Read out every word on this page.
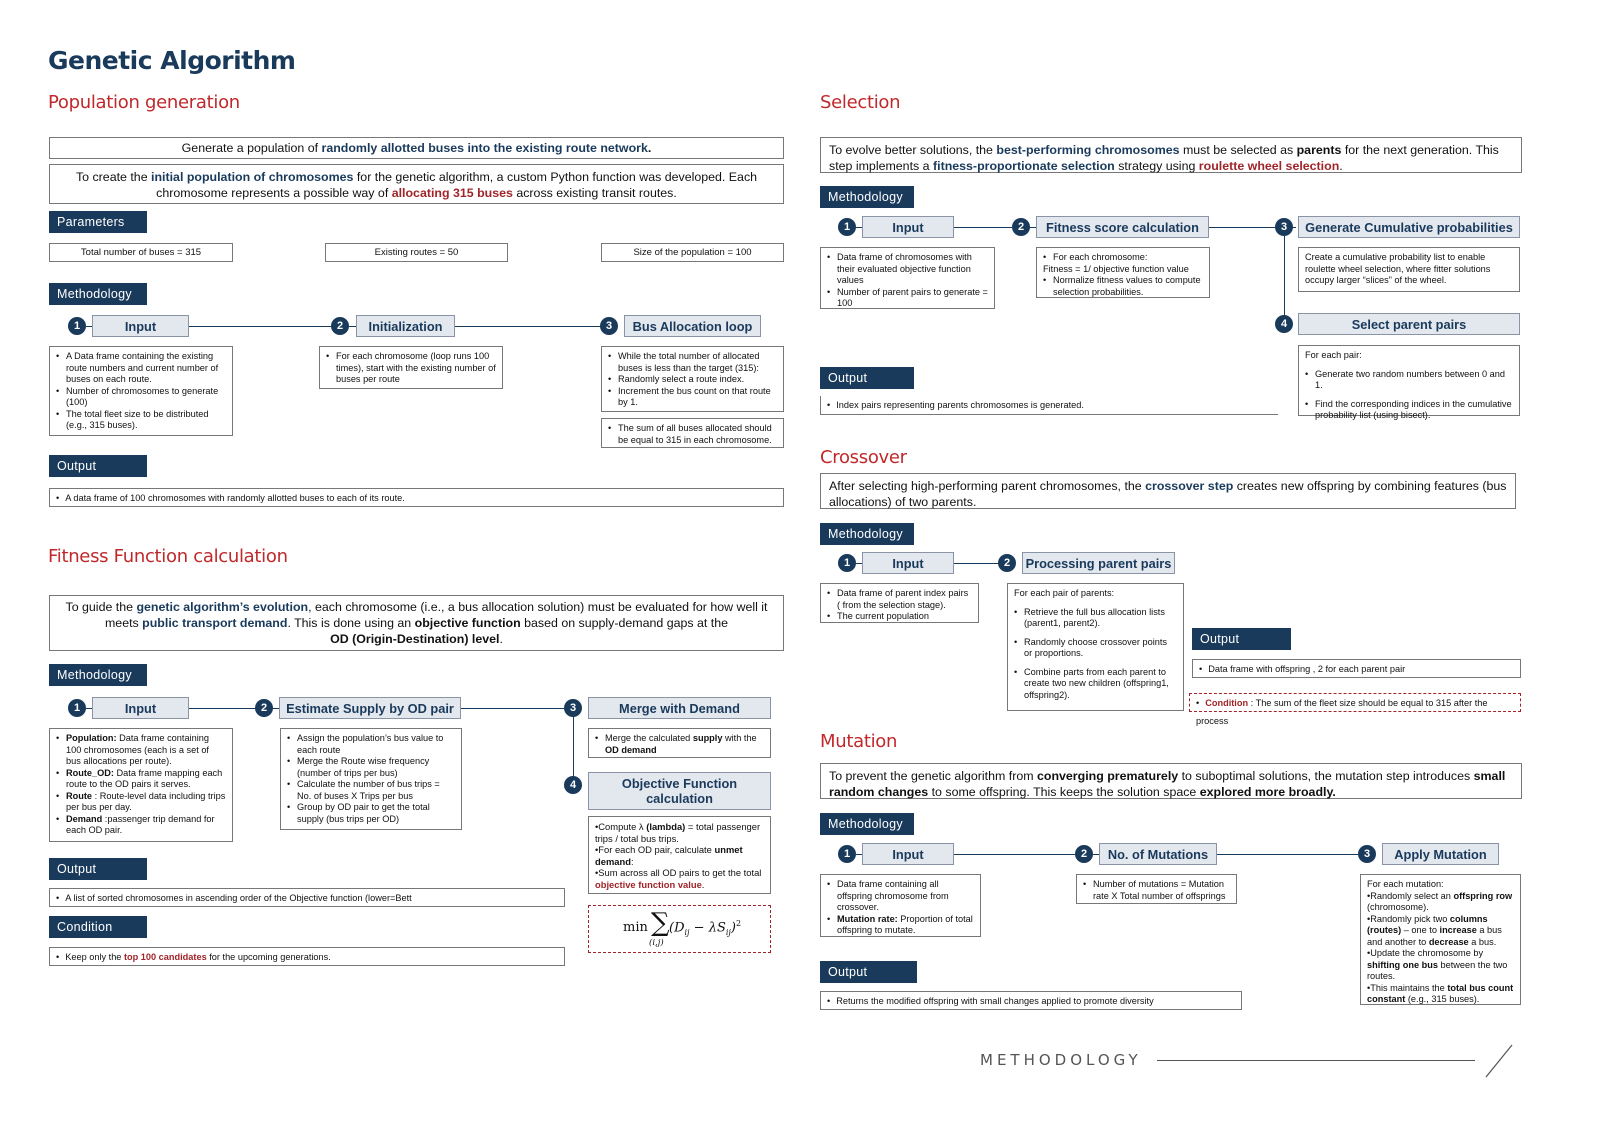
Genetic Algorithm
Population generation
Generate a population of randomly allotted buses into the existing route network.
To create the initial population of chromosomes for the genetic algorithm, a custom Python function was developed. Each chromosome represents a possible way of allocating 315 buses across existing transit routes.
Parameters
Total number of buses = 315	Existing routes = 50	Size of the population = 100
Methodology
1	Input	2	Initialization	3	Bus Allocation loop
• A Data frame containing the existing route numbers and current number of buses on each route.
• Number of chromosomes to generate (100)
• The total fleet size to be distributed (e.g., 315 buses).
• For each chromosome (loop runs 100 times), start with the existing number of buses per route
• While the total number of allocated buses is less than the target (315):
• Randomly select a route index.
• Increment the bus count on that route by 1.
• The sum of all buses allocated should be equal to 315 in each chromosome.
Output
• A data frame of 100 chromosomes with randomly allotted buses to each of its route.
Fitness Function calculation
To guide the genetic algorithm’s evolution, each chromosome (i.e., a bus allocation solution) must be evaluated for how well it meets public transport demand. This is done using an objective function based on supply-demand gaps at the
OD (Origin-Destination) level.
Methodology
1	Input	2	Estimate Supply by OD pair	3	Merge with Demand
4	Objective Function calculation
• Population: Data frame containing 100 chromosomes (each is a set of bus allocations per route).
• Route_OD: Data frame mapping each route to the OD pairs it serves.
• Route : Route-level data including trips per bus per day.
• Demand :passenger trip demand for each OD pair.
• Assign the population’s bus value to each route
• Merge the Route wise frequency (number of trips per bus)
• Calculate the number of bus trips = No. of buses X Trips per bus
• Group by OD pair to get the total supply (bus trips per OD)
• Merge the calculated supply with the OD demand
•Compute λ (lambda) = total passenger trips / total bus trips.
•For each OD pair, calculate unmet demand:
•Sum across all OD pairs to get the total objective function value.
min ∑
(i,j)
$(D_{ij} - \lambda S_{ij})^2$
Output
• A list of sorted chromosomes in ascending order of the Objective function (lower=Bett
Condition
• Keep only the top 100 candidates for the upcoming generations.
Selection
To evolve better solutions, the best-performing chromosomes must be selected as parents for the next generation. This step implements a fitness-proportionate selection strategy using roulette wheel selection.
Methodology
1	Input	2	Fitness score calculation	3	Generate Cumulative probabilities
4	Select parent pairs
• Data frame of chromosomes with their evaluated objective function values
• Number of parent pairs to generate = 100
• For each chromosome:
Fitness = 1/ objective function value
• Normalize fitness values to compute selection probabilities.
Create a cumulative probability list to enable roulette wheel selection, where fitter solutions occupy larger “slices” of the wheel.
For each pair:
• Generate two random numbers between 0 and 1.
• Find the corresponding indices in the cumulative probability list (using bisect).
Output
• Index pairs representing parents chromosomes is generated.
Crossover
After selecting high-performing parent chromosomes, the crossover step creates new offspring by combining features (bus allocations) of two parents.
Methodology
1	Input	2	Processing parent pairs
• Data frame of parent index pairs ( from the selection stage).
• The current population
For each pair of parents:
• Retrieve the full bus allocation lists (parent1, parent2).
• Randomly choose crossover points or proportions.
• Combine parts from each parent to create two new children (offspring1, offspring2).
Output
• Data frame with offspring , 2 for each parent pair
• Condition : The sum of the fleet size should be equal to 315 after the process
Mutation
To prevent the genetic algorithm from converging prematurely to suboptimal solutions, the mutation step introduces small random changes to some offspring. This keeps the solution space explored more broadly.
Methodology
1	Input	2	No. of Mutations	3	Apply Mutation
• Data frame containing all offspring chromosome from crossover.
• Mutation rate: Proportion of total offspring to mutate.
• Number of mutations = Mutation rate X Total number of offsprings
For each mutation:
•Randomly select an offspring row (chromosome).
•Randomly pick two columns (routes) – one to increase a bus and another to decrease a bus.
•Update the chromosome by shifting one bus between the two routes.
•This maintains the total bus count constant (e.g., 315 buses).
Output
• Returns the modified offspring with small changes applied to promote diversity
METHODOLOGY
